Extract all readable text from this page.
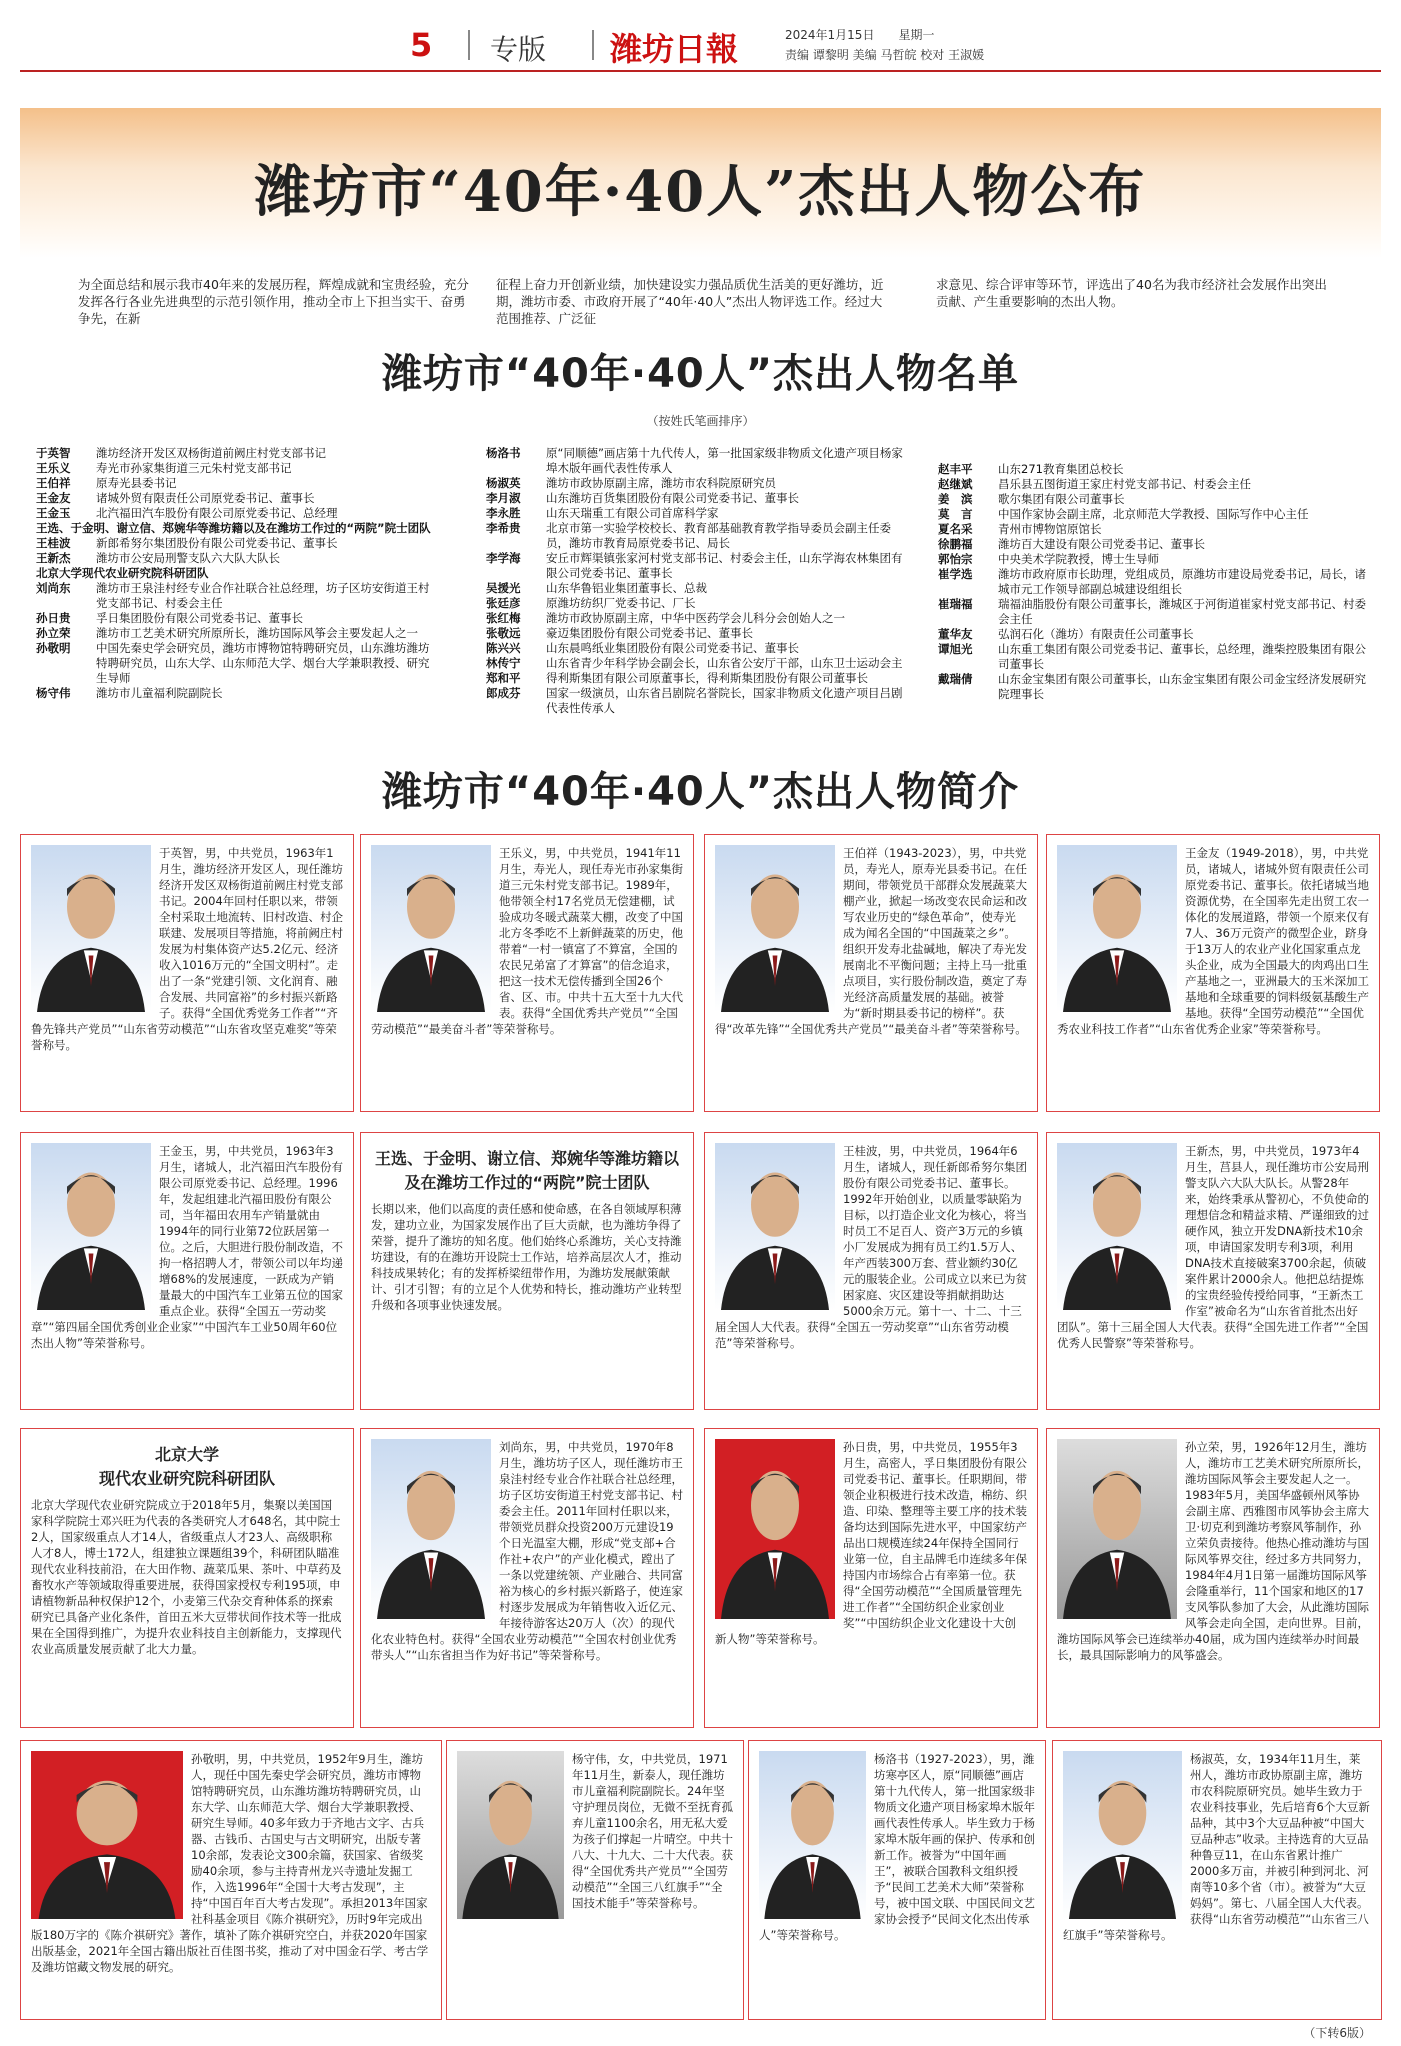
5 专版 潍坊日報	2024年1月15日　　星期一
责编 谭黎明 美编 马哲皖 校对 王淑媛
潍坊市“40年·40人”杰出人物公布
为全面总结和展示我市40年来的发展历程，辉煌成就和宝贵经验，充分发挥各行各业先进典型的示范引领作用，推动全市上下担当实干、奋勇争先，在新
征程上奋力开创新业绩，加快建设实力强品质优生活美的更好潍坊，近期，潍坊市委、市政府开展了“40年·40人”杰出人物评选工作。经过大范围推荐、广泛征
求意见、综合评审等环节，评选出了40名为我市经济社会发展作出突出贡献、产生重要影响的杰出人物。
潍坊市“40年·40人”杰出人物名单
（按姓氏笔画排序）
于英智	潍坊经济开发区双杨街道前阙庄村党支部书记
王乐义	寿光市孙家集街道三元朱村党支部书记
王伯祥	原寿光县委书记
王金友	诸城外贸有限责任公司原党委书记、董事长
王金玉	北汽福田汽车股份有限公司原党委书记、总经理
王选、于金明、谢立信、郑婉华等潍坊籍以及在潍坊工作过的“两院”院士团队
王桂波	新郎希努尔集团股份有限公司党委书记、董事长
王新杰	潍坊市公安局刑警支队六大队大队长
北京大学现代农业研究院科研团队
刘尚东	潍坊市王泉洼村经专业合作社联合社总经理，坊子区坊安街道王村党支部书记、村委会主任
孙日贵	孚日集团股份有限公司党委书记、董事长
孙立荣	潍坊市工艺美术研究所原所长，潍坊国际风筝会主要发起人之一
孙敬明	中国先秦史学会研究员，潍坊市博物馆特聘研究员，山东潍坊潍坊特聘研究员，山东大学、山东师范大学、烟台大学兼职教授、研究生导师
杨守伟	潍坊市儿童福利院副院长
杨洛书	原“同顺德”画店第十九代传人，第一批国家级非物质文化遗产项目杨家埠木版年画代表性传承人
杨淑英	潍坊市政协原副主席，潍坊市农科院原研究员
李月淑	山东潍坊百货集团股份有限公司党委书记、董事长
李永胜	山东天瑞重工有限公司首席科学家
李希贵	北京市第一实验学校校长、教育部基础教育教学指导委员会副主任委员，潍坊市教育局原党委书记、局长
李学海	安丘市辉渠镇张家河村党支部书记、村委会主任，山东学海农林集团有限公司党委书记、董事长
吴援光	山东华鲁铝业集团董事长、总裁
张廷彦	原潍坊纺织厂党委书记、厂长
张红梅	潍坊市政协原副主席，中华中医药学会儿科分会创始人之一
张敬远	豪迈集团股份有限公司党委书记、董事长
陈兴兴	山东晨鸣纸业集团股份有限公司党委书记、董事长
林传宁	山东省青少年科学协会副会长，山东省公安厅干部，山东卫士运动会主
郑和平	得利斯集团有限公司原董事长，得利斯集团股份有限公司董事长
郎成芬	国家一级演员，山东省吕剧院名誉院长，国家非物质文化遗产项目吕剧代表性传承人
赵丰平	山东271教育集团总校长
赵继斌	昌乐县五图街道王家庄村党支部书记、村委会主任
姜　滨	歌尔集团有限公司董事长
莫　言	中国作家协会副主席，北京师范大学教授、国际写作中心主任
夏名采	青州市博物馆原馆长
徐鹏福	潍坊百大建设有限公司党委书记、董事长
郭怡宗	中央美术学院教授，博士生导师
崔学选	潍坊市政府原市长助理，党组成员，原潍坊市建设局党委书记，局长，诸城市元工作领导部副总城建设组组长
崔瑞福	瑞福油脂股份有限公司董事长，潍城区于河街道崔家村党支部书记、村委会主任
董华友	弘润石化（潍坊）有限责任公司董事长
谭旭光	山东重工集团有限公司党委书记、董事长，总经理，潍柴控股集团有限公司董事长
戴瑞倩	山东金宝集团有限公司董事长，山东金宝集团有限公司金宝经济发展研究院理事长
潍坊市“40年·40人”杰出人物简介
于英智，男，中共党员，1963年1月生，潍坊经济开发区人，现任潍坊经济开发区双杨街道前阙庄村党支部书记。2004年回村任职以来，带领全村采取土地流转、旧村改造、村企联建、发展项目等措施，将前阙庄村发展为村集体资产达5.2亿元、经济收入1016万元的“全国文明村”。走出了一条“党建引领、文化润育、融合发展、共同富裕”的乡村振兴新路子。获得“全国优秀党务工作者”“齐鲁先锋共产党员”“山东省劳动模范”“山东省攻坚克难奖”等荣誉称号。
王乐义，男，中共党员，1941年11月生，寿光人，现任寿光市孙家集街道三元朱村党支部书记。1989年，他带领全村17名党员无偿建棚，试验成功冬暖式蔬菜大棚，改变了中国北方冬季吃不上新鲜蔬菜的历史，他带着“一村一镇富了不算富，全国的农民兄弟富了才算富”的信念追求，把这一技术无偿传播到全国26个省、区、市。中共十五大至十九大代表。获得“全国优秀共产党员”“全国劳动模范”“最美奋斗者”等荣誉称号。
王伯祥（1943-2023），男，中共党员，寿光人，原寿光县委书记。在任期间，带领党员干部群众发展蔬菜大棚产业，掀起一场改变农民命运和改写农业历史的“绿色革命”，使寿光成为闻名全国的“中国蔬菜之乡”。组织开发寿北盐碱地，解决了寿光发展南北不平衡问题；主持上马一批重点项目，实行股份制改造，奠定了寿光经济高质量发展的基础。被誉为“新时期县委书记的榜样”。获得“改革先锋”“全国优秀共产党员”“最美奋斗者”等荣誉称号。
王金友（1949-2018），男，中共党员，诸城人，诸城外贸有限责任公司原党委书记、董事长。依托诸城当地资源优势，在全国率先走出贸工农一体化的发展道路，带领一个原来仅有7人、36万元资产的微型企业，跻身于13万人的农业产业化国家重点龙头企业，成为全国最大的肉鸡出口生产基地之一，亚洲最大的玉米深加工基地和全球重要的饲料级氨基酸生产基地。获得“全国劳动模范”“全国优秀农业科技工作者”“山东省优秀企业家”等荣誉称号。
王金玉，男，中共党员，1963年3月生，诸城人，北汽福田汽车股份有限公司原党委书记、总经理。1996年，发起组建北汽福田股份有限公司，当年福田农用车产销量就由1994年的同行业第72位跃居第一位。之后，大胆进行股份制改造，不拘一格招聘人才，带领公司以年均递增68%的发展速度，一跃成为产销量最大的中国汽车工业第五位的国家重点企业。获得“全国五一劳动奖章”“第四届全国优秀创业企业家”“中国汽车工业50周年60位杰出人物”等荣誉称号。
王选、于金明、谢立信、郑婉华等潍坊籍以及在潍坊工作过的“两院”院士团队
长期以来，他们以高度的责任感和使命感，在各自领域厚积薄发，建功立业，为国家发展作出了巨大贡献，也为潍坊争得了荣誉，提升了潍坊的知名度。他们始终心系潍坊，关心支持潍坊建设，有的在潍坊开设院士工作站，培养高层次人才，推动科技成果转化；有的发挥桥梁纽带作用，为潍坊发展献策献计、引才引智；有的立足个人优势和特长，推动潍坊产业转型升级和各项事业快速发展。
王桂波，男，中共党员，1964年6月生，诸城人，现任新郎希努尔集团股份有限公司党委书记、董事长。1992年开始创业，以质量零缺陷为目标，以打造企业文化为核心，将当时员工不足百人、资产3万元的乡镇小厂发展成为拥有员工约1.5万人、年产西装300万套、营业额约30亿元的服装企业。公司成立以来已为贫困家庭、灾区建设等捐献捐助达5000余万元。第十一、十二、十三届全国人大代表。获得“全国五一劳动奖章”“山东省劳动模范”等荣誉称号。
王新杰，男，中共党员，1973年4月生，莒县人，现任潍坊市公安局刑警支队六大队大队长。从警28年来，始终秉承从警初心，不负使命的理想信念和精益求精、严谨细致的过硬作风，独立开发DNA新技术10余项，申请国家发明专利3项，利用DNA技术直接破案3700余起，侦破案件累计2000余人。他把总结提炼的宝贵经验传授给同事，“王新杰工作室”被命名为“山东省首批杰出好团队”。第十三届全国人大代表。获得“全国先进工作者”“全国优秀人民警察”等荣誉称号。
北京大学
现代农业研究院科研团队
北京大学现代农业研究院成立于2018年5月，集聚以美国国家科学院院士邓兴旺为代表的各类研究人才648名，其中院士2人，国家级重点人才14人，省级重点人才23人、高级职称人才8人，博士172人，组建独立课题组39个，科研团队瞄准现代农业科技前沿，在大田作物、蔬菜瓜果、茶叶、中草药及畜牧水产等领域取得重要进展，获得国家授权专利195项，申请植物新品种权保护12个，小麦第三代杂交育种体系的探索研究已具备产业化条件，首田五米大豆带状间作技术等一批成果在全国得到推广，为提升农业科技自主创新能力，支撑现代农业高质量发展贡献了北大力量。
刘尚东，男，中共党员，1970年8月生，潍坊坊子区人，现任潍坊市王泉洼村经专业合作社联合社总经理，坊子区坊安街道王村党支部书记、村委会主任。2011年回村任职以来，带领党员群众投资200万元建设19个日光温室大棚，形成“党支部+合作社+农户”的产业化模式，蹚出了一条以党建统领、产业融合、共同富裕为核心的乡村振兴新路子，使连家村逐步发展成为年销售收入近亿元、年接待游客达20万人（次）的现代化农业特色村。获得“全国农业劳动模范”“全国农村创业优秀带头人”“山东省担当作为好书记”等荣誉称号。
孙日贵，男，中共党员，1955年3月生，高密人，孚日集团股份有限公司党委书记、董事长。任职期间，带领企业积极进行技术改造，棉纺、织造、印染、整理等主要工序的技术装备均达到国际先进水平，中国家纺产品出口规模连续24年保持全国同行业第一位，自主品牌毛巾连续多年保持国内市场综合占有率第一位。获得“全国劳动模范”“全国质量管理先进工作者”“全国纺织企业家创业奖”“中国纺织企业文化建设十大创新人物”等荣誉称号。
孙立荣，男，1926年12月生，潍坊人，潍坊市工艺美术研究所原所长，潍坊国际风筝会主要发起人之一。1983年5月，美国华盛顿州风筝协会副主席、西雅图市风筝协会主席大卫·切克利到潍坊考察风筝制作，孙立荣负责接待。他热心推动潍坊与国际风筝界交往，经过多方共同努力，1984年4月1日第一届潍坊国际风筝会隆重举行，11个国家和地区的17支风筝队参加了大会，从此潍坊国际风筝会走向全国，走向世界。目前，潍坊国际风筝会已连续举办40届，成为国内连续举办时间最长，最具国际影响力的风筝盛会。
孙敬明，男，中共党员，1952年9月生，潍坊人，现任中国先秦史学会研究员，潍坊市博物馆特聘研究员，山东潍坊潍坊特聘研究员，山东大学、山东师范大学、烟台大学兼职教授、研究生导师。40多年致力于齐地古文字、古兵器、古钱币、古国史与古文明研究，出版专著10余部，发表论文300余篇，获国家、省级奖励40余项，参与主持青州龙兴寺遗址发掘工作，入选1996年“全国十大考古发现”，主持“中国百年百大考古发现”。承担2013年国家社科基金项目《陈介祺研究》，历时9年完成出版180万字的《陈介祺研究》著作，填补了陈介祺研究空白，并获2020年国家出版基金，2021年全国古籍出版社百佳图书奖，推动了对中国金石学、考古学及潍坊馆藏文物发展的研究。
杨守伟，女，中共党员，1971年11月生，新泰人，现任潍坊市儿童福利院副院长。24年坚守护理员岗位，无微不至抚育孤弃儿童1100余名，用无私大爱为孩子们撑起一片晴空。中共十八大、十九大、二十大代表。获得“全国优秀共产党员”“全国劳动模范”“全国三八红旗手”“全国技术能手”等荣誉称号。
杨洛书（1927-2023），男，潍坊寒亭区人，原“同顺德”画店第十九代传人，第一批国家级非物质文化遗产项目杨家埠木版年画代表性传承人。毕生致力于杨家埠木版年画的保护、传承和创新工作。被誉为“中国年画王”，被联合国教科文组织授予“民间工艺美术大师”荣誉称号，被中国文联、中国民间文艺家协会授予“民间文化杰出传承人”等荣誉称号。
杨淑英，女，1934年11月生，莱州人，潍坊市政协原副主席，潍坊市农科院原研究员。她毕生致力于农业科技事业，先后培育6个大豆新品种，其中3个大豆品种被“中国大豆品种志”收录。主持选育的大豆品种鲁豆11，在山东省累计推广2000多万亩，并被引种到河北、河南等10多个省（市）。被誉为“大豆妈妈”。第七、八届全国人大代表。获得“山东省劳动模范”“山东省三八红旗手”等荣誉称号。
（下转6版）
